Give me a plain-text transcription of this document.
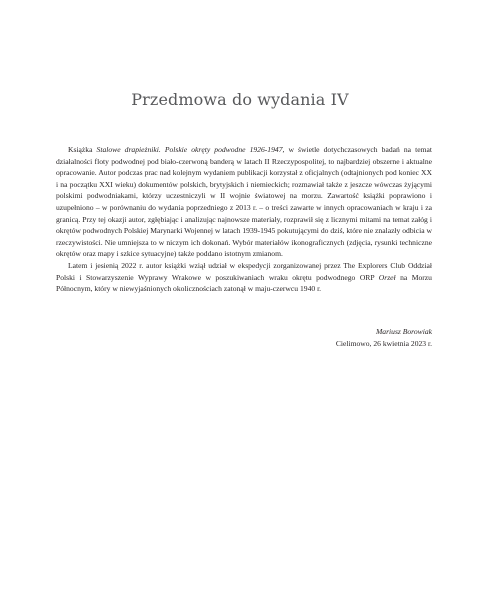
Przedmowa do wydania IV

Książka Stalowe drapieżniki. Polskie okręty podwodne 1926-1947, w świetle dotychczasowych badań na temat działalności floty podwodnej pod biało-czerwoną banderą w latach II Rzeczypospolitej, to najbardziej obszerne i aktualne opracowanie. Autor podczas prac nad kolejnym wydaniem publikacji korzystał z oficjalnych (odtajnionych pod koniec XX i na początku XXI wieku) dokumentów polskich, brytyjskich i niemieckich; rozmawiał także z jeszcze wówczas żyjącymi polskimi podwodniakami, którzy uczestniczyli w II wojnie światowej na morzu. Zawartość książki poprawiono i uzupełniono – w porównaniu do wydania poprzedniego z 2013 r. – o treści zawarte w innych opracowaniach w kraju i za granicą. Przy tej okazji autor, zgłębiając i analizując najnowsze materiały, rozprawił się z licznymi mitami na temat załóg i okrętów podwodnych Polskiej Marynarki Wojennej w latach 1939-1945 pokutującymi do dziś, które nie znalazły odbicia w rzeczywistości. Nie umniejsza to w niczym ich dokonań. Wybór materiałów ikonograficznych (zdjęcia, rysunki techniczne okrętów oraz mapy i szkice sytuacyjne) także poddano istotnym zmianom.

Latem i jesienią 2022 r. autor książki wziął udział w ekspedycji zorganizowanej przez The Explorers Club Oddział Polski i Stowarzyszenie Wyprawy Wrakowe w poszukiwaniach wraku okrętu podwodnego ORP Orzeł na Morzu Północnym, który w niewyjaśnionych okolicznościach zatonął w maju-czerwcu 1940 r.

Mariusz Borowiak
Cielimowo, 26 kwietnia 2023 r.
